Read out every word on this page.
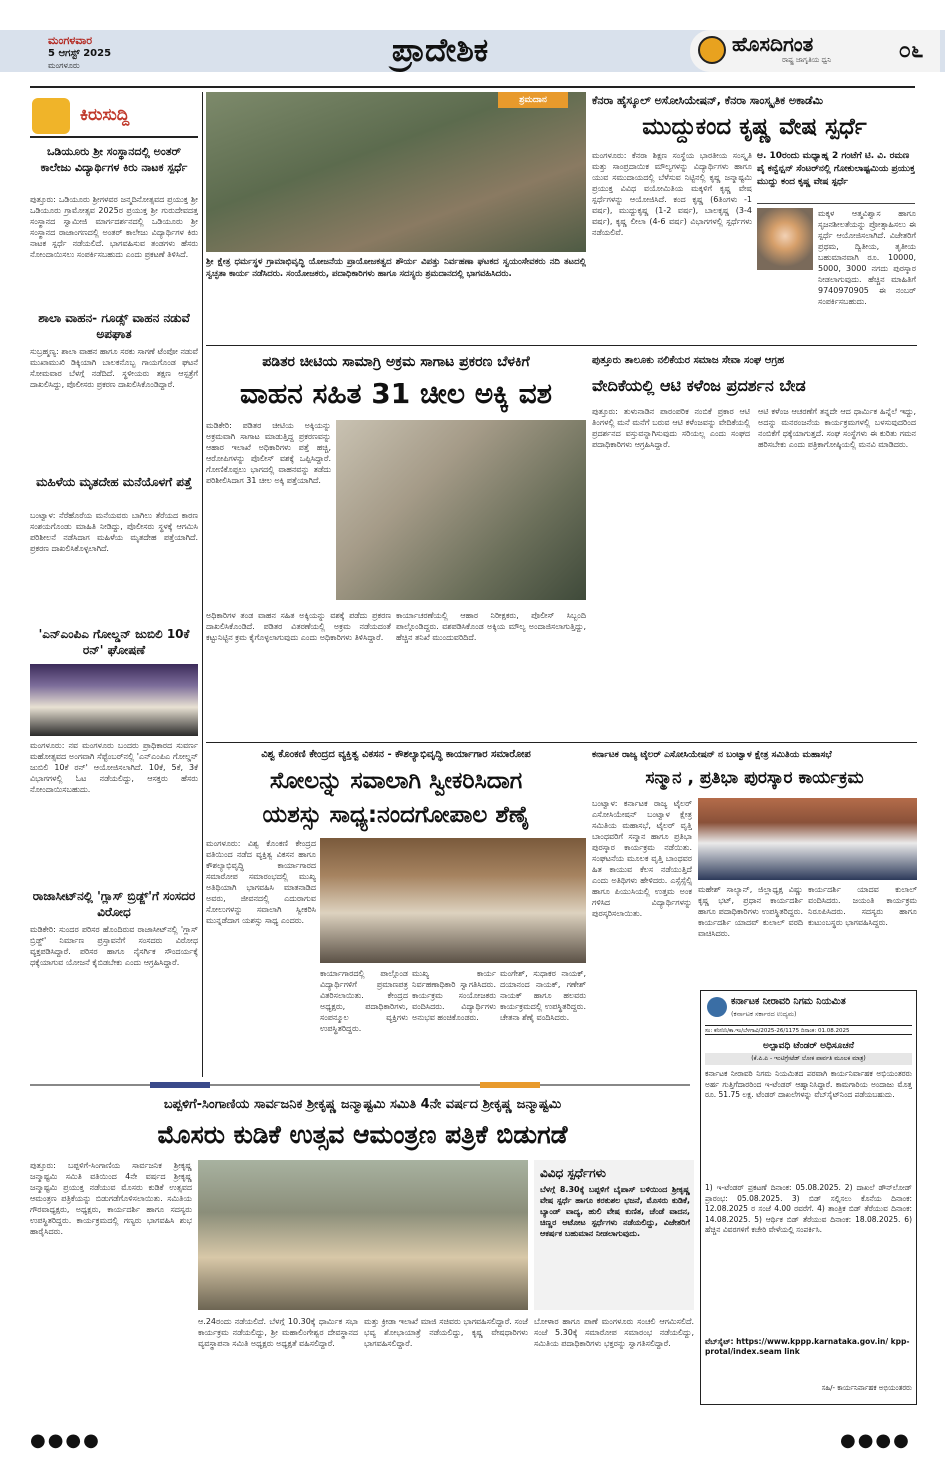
ಮಂಗಳವಾರ
5 ಆಗಸ್ಟ್ 2025
ಮಂಗಳೂರು	ಪ್ರಾದೇಶಿಕ	ಹೊಸದಿಗಂತ
ರಾಷ್ಟ್ರ ಜಾಗೃತಿಯ ಧ್ವನಿ	೦೬
ಕಿರುಸುದ್ದಿ
ಒಡಿಯೂರು ಶ್ರೀ ಸಂಸ್ಥಾನದಲ್ಲಿ ಅಂತರ್ ಕಾಲೇಜು ವಿದ್ಯಾರ್ಥಿಗಳ ಕಿರು ನಾಟಕ ಸ್ಪರ್ಧೆ
ಪುತ್ತೂರು: ಒಡಿಯೂರು ಶ್ರೀಗಳವರ ಜನ್ಮದಿನೋತ್ಸವದ ಪ್ರಯುಕ್ತ ಶ್ರೀ ಒಡಿಯೂರು ಗ್ರಾಮೋತ್ಸವ 2025ರ ಪ್ರಯುಕ್ತ ಶ್ರೀ ಗುರುದೇವದತ್ತ ಸಂಸ್ಥಾನದ ಸ್ವಾಮೀಜಿ ಮಾರ್ಗದರ್ಶನದಲ್ಲಿ ಒಡಿಯೂರು ಶ್ರೀ ಸಂಸ್ಥಾನದ ರಾಜಾಂಗಣದಲ್ಲಿ ಅಂತರ್ ಕಾಲೇಜು ವಿದ್ಯಾರ್ಥಿಗಳ ಕಿರು ನಾಟಕ ಸ್ಪರ್ಧೆ ನಡೆಯಲಿದೆ. ಭಾಗವಹಿಸುವ ತಂಡಗಳು ಹೆಸರು ನೋಂದಾಯಿಸಲು ಸಂಪರ್ಕಿಸಬಹುದು ಎಂದು ಪ್ರಕಟಣೆ ತಿಳಿಸಿದೆ.
ಶಾಲಾ ವಾಹನ- ಗೂಡ್ಸ್ ವಾಹನ ನಡುವೆ ಅಪಘಾತ
ಸುಬ್ರಹ್ಮಣ್ಯ: ಶಾಲಾ ವಾಹನ ಹಾಗೂ ಸರಕು ಸಾಗಣೆ ಟೆಂಪೋ ನಡುವೆ ಮುಖಾಮುಖಿ ಡಿಕ್ಕಿಯಾಗಿ ಬಾಲಕನೊಬ್ಬ ಗಾಯಗೊಂಡ ಘಟನೆ ಸೋಮವಾರ ಬೆಳಗ್ಗೆ ನಡೆದಿದೆ. ಸ್ಥಳೀಯರು ತಕ್ಷಣ ಆಸ್ಪತ್ರೆಗೆ ದಾಖಲಿಸಿದ್ದು, ಪೊಲೀಸರು ಪ್ರಕರಣ ದಾಖಲಿಸಿಕೊಂಡಿದ್ದಾರೆ.
ಮಹಿಳೆಯ ಮೃತದೇಹ ಮನೆಯೊಳಗೆ ಪತ್ತೆ
ಬಂಟ್ವಾಳ: ನೆರೆಹೊರೆಯ ಮನೆಯವರು ಬಾಗಿಲು ತೆರೆಯದ ಕಾರಣ ಸಂಶಯಗೊಂಡು ಮಾಹಿತಿ ನೀಡಿದ್ದು, ಪೊಲೀಸರು ಸ್ಥಳಕ್ಕೆ ಆಗಮಿಸಿ ಪರಿಶೀಲನೆ ನಡೆಸಿದಾಗ ಮಹಿಳೆಯ ಮೃತದೇಹ ಪತ್ತೆಯಾಗಿದೆ. ಪ್ರಕರಣ ದಾಖಲಿಸಿಕೊಳ್ಳಲಾಗಿದೆ.
'ಎನ್‌ಎಂಪಿಎ ಗೋಲ್ಡನ್ ಜುಬಿಲಿ 10ಕೆ ರನ್' ಘೋಷಣೆ
ಮಂಗಳೂರು: ನವ ಮಂಗಳೂರು ಬಂದರು ಪ್ರಾಧಿಕಾರದ ಸುವರ್ಣ ಮಹೋತ್ಸವದ ಅಂಗವಾಗಿ ಸೆಪ್ಟೆಂಬರ್‌ನಲ್ಲಿ 'ಎನ್‌ಎಂಪಿಎ ಗೋಲ್ಡನ್ ಜುಬಿಲಿ 10ಕೆ ರನ್' ಆಯೋಜಿಸಲಾಗಿದೆ. 10ಕೆ, 5ಕೆ, 3ಕೆ ವಿಭಾಗಗಳಲ್ಲಿ ಓಟ ನಡೆಯಲಿದ್ದು, ಆಸಕ್ತರು ಹೆಸರು ನೋಂದಾಯಿಸಬಹುದು.
ರಾಜಾಸೀಟ್‌ನಲ್ಲಿ 'ಗ್ಲಾಸ್ ಬ್ರಿಡ್ಜ್'ಗೆ ಸಂಸದರ ವಿರೋಧ
ಮಡಿಕೇರಿ: ಸುಂದರ ಪರಿಸರ ಹೊಂದಿರುವ ರಾಜಾಸೀಟ್‌ನಲ್ಲಿ 'ಗ್ಲಾಸ್ ಬ್ರಿಡ್ಜ್' ನಿರ್ಮಾಣ ಪ್ರಸ್ತಾವನೆಗೆ ಸಂಸದರು ವಿರೋಧ ವ್ಯಕ್ತಪಡಿಸಿದ್ದಾರೆ. ಪರಿಸರ ಹಾಗೂ ನೈಸರ್ಗಿಕ ಸೌಂದರ್ಯಕ್ಕೆ ಧಕ್ಕೆಯಾಗುವ ಯೋಜನೆ ಕೈಬಿಡಬೇಕು ಎಂದು ಆಗ್ರಹಿಸಿದ್ದಾರೆ.
ಶ್ರಮದಾನ
ಶ್ರೀ ಕ್ಷೇತ್ರ ಧರ್ಮಸ್ಥಳ ಗ್ರಾಮಾಭಿವೃದ್ಧಿ ಯೋಜನೆಯ ಪ್ರಾಯೋಜಕತ್ವದ ಶೌರ್ಯ ವಿಪತ್ತು ನಿರ್ವಹಣಾ ಘಟಕದ ಸ್ವಯಂಸೇವಕರು ನದಿ ತಟದಲ್ಲಿ ಸ್ವಚ್ಛತಾ ಕಾರ್ಯ ನಡೆಸಿದರು. ಸಂಯೋಜಕರು, ಪದಾಧಿಕಾರಿಗಳು ಹಾಗೂ ಸದಸ್ಯರು ಶ್ರಮದಾನದಲ್ಲಿ ಭಾಗವಹಿಸಿದರು.
ಕೆನರಾ ಹೈಸ್ಕೂಲ್ ಅಸೋಸಿಯೇಷನ್, ಕೆನರಾ ಸಾಂಸ್ಕೃತಿಕ ಅಕಾಡೆಮಿ
ಮುದ್ದುಕಂದ ಕೃಷ್ಣ ವೇಷ ಸ್ಪರ್ಧೆ
ಮಂಗಳೂರು: ಕೆನರಾ ಶಿಕ್ಷಣ ಸಂಸ್ಥೆಯ ಭಾರತೀಯ ಸಂಸ್ಕೃತಿ ಮತ್ತು ಸಾಂಪ್ರದಾಯಿಕ ಮೌಲ್ಯಗಳನ್ನು ವಿದ್ಯಾರ್ಥಿಗಳು ಹಾಗೂ ಯುವ ಸಮುದಾಯದಲ್ಲಿ ಬೆಳೆಸುವ ನಿಟ್ಟಿನಲ್ಲಿ ಕೃಷ್ಣ ಜನ್ಮಾಷ್ಟಮಿ ಪ್ರಯುಕ್ತ ವಿವಿಧ ವಯೋಮಿತಿಯ ಮಕ್ಕಳಿಗೆ ಕೃಷ್ಣ ವೇಷ ಸ್ಪರ್ಧೆಗಳನ್ನು ಆಯೋಜಿಸಿದೆ. ಕಂದ ಕೃಷ್ಣ (6ತಿಂಗಳು -1 ವರ್ಷ), ಮುದ್ದುಕೃಷ್ಣ (1-2 ವರ್ಷ), ಬಾಲಕೃಷ್ಣ (3-4 ವರ್ಷ), ಕೃಷ್ಣ ಲೀಲಾ (4-6 ವರ್ಷ) ವಿಭಾಗಗಳಲ್ಲಿ ಸ್ಪರ್ಧೆಗಳು ನಡೆಯಲಿವೆ.
ಆ. 10ರಂದು ಮಧ್ಯಾಹ್ನ 2 ಗಂಟೆಗೆ ಟಿ. ವಿ. ರಮಣ ಪೈ ಕನ್ವೆನ್ಷನ್ ಸೆಂಟರ್‌ನಲ್ಲಿ ಗೋಕುಲಾಷ್ಟಮಿಯ ಪ್ರಯುಕ್ತ ಮುದ್ದು ಕಂದ ಕೃಷ್ಣ ವೇಷ ಸ್ಪರ್ಧೆ
ಮಕ್ಕಳ ಆತ್ಮವಿಶ್ವಾಸ ಹಾಗೂ ಸೃಜನಶೀಲತೆಯನ್ನು ಪ್ರೋತ್ಸಾಹಿಸಲು ಈ ಸ್ಪರ್ಧೆ ಆಯೋಜಿಸಲಾಗಿದೆ. ವಿಜೇತರಿಗೆ ಪ್ರಥಮ, ದ್ವಿತೀಯ, ತೃತೀಯ ಬಹುಮಾನವಾಗಿ ರೂ. 10000, 5000, 3000 ನಗದು ಪುರಸ್ಕಾರ ನೀಡಲಾಗುವುದು. ಹೆಚ್ಚಿನ ಮಾಹಿತಿಗೆ 9740970905 ಈ ನಂಬರ್ ಸಂಪರ್ಕಿಸಬಹುದು.
ಪಡಿತರ ಚೀಟಿಯ ಸಾಮಾಗ್ರಿ ಅಕ್ರಮ ಸಾಗಾಟ ಪ್ರಕರಣ ಬೆಳಕಿಗೆ
ವಾಹನ ಸಹಿತ 31 ಚೀಲ ಅಕ್ಕಿ ವಶ
ಮಡಿಕೇರಿ: ಪಡಿತರ ಚೀಟಿಯ ಅಕ್ಕಿಯನ್ನು ಅಕ್ರಮವಾಗಿ ಸಾಗಾಟ ಮಾಡುತ್ತಿದ್ದ ಪ್ರಕರಣವನ್ನು ಆಹಾರ ಇಲಾಖೆ ಅಧಿಕಾರಿಗಳು ಪತ್ತೆ ಹಚ್ಚಿ, ಆರೋಪಿಗಳನ್ನು ಪೊಲೀಸ್ ವಶಕ್ಕೆ ಒಪ್ಪಿಸಿದ್ದಾರೆ. ಗೋಣಿಕೊಪ್ಪಲು ಭಾಗದಲ್ಲಿ ವಾಹನವನ್ನು ತಡೆದು ಪರಿಶೀಲಿಸಿದಾಗ 31 ಚೀಲ ಅಕ್ಕಿ ಪತ್ತೆಯಾಗಿದೆ.
ಅಧಿಕಾರಿಗಳ ತಂಡ ವಾಹನ ಸಹಿತ ಅಕ್ಕಿಯನ್ನು ವಶಕ್ಕೆ ಪಡೆದು ಪ್ರಕರಣ ದಾಖಲಿಸಿಕೊಂಡಿದೆ. ಪಡಿತರ ವಿತರಣೆಯಲ್ಲಿ ಅಕ್ರಮ ನಡೆಯದಂತೆ ಕಟ್ಟುನಿಟ್ಟಿನ ಕ್ರಮ ಕೈಗೊಳ್ಳಲಾಗುವುದು ಎಂದು ಅಧಿಕಾರಿಗಳು ತಿಳಿಸಿದ್ದಾರೆ.
ಕಾರ್ಯಾಚರಣೆಯಲ್ಲಿ ಆಹಾರ ನಿರೀಕ್ಷಕರು, ಪೊಲೀಸ್ ಸಿಬ್ಬಂದಿ ಪಾಲ್ಗೊಂಡಿದ್ದರು. ವಶಪಡಿಸಿಕೊಂಡ ಅಕ್ಕಿಯ ಮೌಲ್ಯ ಅಂದಾಜಿಸಲಾಗುತ್ತಿದ್ದು, ಹೆಚ್ಚಿನ ತನಿಖೆ ಮುಂದುವರಿದಿದೆ.
ಪುತ್ತೂರು ತಾಲೂಕು ನಲಿಕೆಯರ ಸಮಾಜ ಸೇವಾ ಸಂಘ ಆಗ್ರಹ
ವೇದಿಕೆಯಲ್ಲಿ ಆಟಿ ಕಳೆಂಜ ಪ್ರದರ್ಶನ ಬೇಡ
ಪುತ್ತೂರು: ತುಳುನಾಡಿನ ಪಾರಂಪರಿಕ ನಂಬಿಕೆ ಪ್ರಕಾರ ಆಟಿ ತಿಂಗಳಲ್ಲಿ ಮನೆ ಮನೆಗೆ ಬರುವ ಆಟಿ ಕಳೆಂಜವನ್ನು ವೇದಿಕೆಯಲ್ಲಿ ಪ್ರದರ್ಶನದ ವಸ್ತುವನ್ನಾಗಿಸುವುದು ಸರಿಯಲ್ಲ ಎಂದು ಸಂಘದ ಪದಾಧಿಕಾರಿಗಳು ಆಗ್ರಹಿಸಿದ್ದಾರೆ.
ಆಟಿ ಕಳೆಂಜ ಆಚರಣೆಗೆ ತನ್ನದೇ ಆದ ಧಾರ್ಮಿಕ ಹಿನ್ನೆಲೆ ಇದ್ದು, ಅದನ್ನು ಮನರಂಜನೆಯ ಕಾರ್ಯಕ್ರಮಗಳಲ್ಲಿ ಬಳಸುವುದರಿಂದ ನಂಬಿಕೆಗೆ ಧಕ್ಕೆಯಾಗುತ್ತದೆ. ಸಂಘ ಸಂಸ್ಥೆಗಳು ಈ ಕುರಿತು ಗಮನ ಹರಿಸಬೇಕು ಎಂದು ಪತ್ರಿಕಾಗೋಷ್ಠಿಯಲ್ಲಿ ಮನವಿ ಮಾಡಿದರು.
ವಿಶ್ವ ಕೊಂಕಣಿ ಕೇಂದ್ರದ ವ್ಯಕ್ತಿತ್ವ ವಿಕಸನ - ಕೌಶಲ್ಯಾಭಿವೃದ್ಧಿ ಕಾರ್ಯಾಗಾರ ಸಮಾರೋಪ
ಸೋಲನ್ನು ಸವಾಲಾಗಿ ಸ್ವೀಕರಿಸಿದಾಗ
ಯಶಸ್ಸು ಸಾಧ್ಯ:ನಂದಗೋಪಾಲ ಶೆಣೈ
ಮಂಗಳೂರು: ವಿಶ್ವ ಕೊಂಕಣಿ ಕೇಂದ್ರದ ವತಿಯಿಂದ ನಡೆದ ವ್ಯಕ್ತಿತ್ವ ವಿಕಸನ ಹಾಗೂ ಕೌಶಲ್ಯಾಭಿವೃದ್ಧಿ ಕಾರ್ಯಾಗಾರದ ಸಮಾರೋಪ ಸಮಾರಂಭದಲ್ಲಿ ಮುಖ್ಯ ಅತಿಥಿಯಾಗಿ ಭಾಗವಹಿಸಿ ಮಾತನಾಡಿದ ಅವರು, ಜೀವನದಲ್ಲಿ ಎದುರಾಗುವ ಸೋಲುಗಳನ್ನು ಸವಾಲಾಗಿ ಸ್ವೀಕರಿಸಿ ಮುನ್ನಡೆದಾಗ ಯಶಸ್ಸು ಸಾಧ್ಯ ಎಂದರು.
ಕಾರ್ಯಾಗಾರದಲ್ಲಿ ಪಾಲ್ಗೊಂಡ ವಿದ್ಯಾರ್ಥಿಗಳಿಗೆ ಪ್ರಮಾಣಪತ್ರ ವಿತರಿಸಲಾಯಿತು. ಕೇಂದ್ರದ ಅಧ್ಯಕ್ಷರು, ಪದಾಧಿಕಾರಿಗಳು, ಸಂಪನ್ಮೂಲ ವ್ಯಕ್ತಿಗಳು ಉಪಸ್ಥಿತರಿದ್ದರು.
ಮುಖ್ಯ ಕಾರ್ಯ ನಿರ್ವಹಣಾಧಿಕಾರಿ ಸ್ವಾಗತಿಸಿದರು. ಕಾರ್ಯಕ್ರಮ ಸಂಯೋಜಕರು ವಂದಿಸಿದರು. ವಿದ್ಯಾರ್ಥಿಗಳು ಅನುಭವ ಹಂಚಿಕೊಂಡರು.
ಮಂಗೇಶ್, ಸುಧಾಕರ ನಾಯಕ್, ದಯಾನಂದ ನಾಯಕ್, ಗಣೇಶ್ ನಾಯಕ್ ಹಾಗೂ ಹಲವರು ಕಾರ್ಯಕ್ರಮದಲ್ಲಿ ಉಪಸ್ಥಿತರಿದ್ದರು. ಚೇತನಾ ಶೆಣೈ ವಂದಿಸಿದರು.
ಕರ್ನಾಟಕ ರಾಜ್ಯ ಟೈಲರ್ ಎಸೋಸಿಯೇಷನ್ ನ ಬಂಟ್ವಾಳ ಕ್ಷೇತ್ರ ಸಮಿತಿಯ ಮಹಾಸಭೆ
ಸನ್ಮಾನ , ಪ್ರತಿಭಾ ಪುರಸ್ಕಾರ ಕಾರ್ಯಕ್ರಮ
ಬಂಟ್ವಾಳ: ಕರ್ನಾಟಕ ರಾಜ್ಯ ಟೈಲರ್ ಎಸೋಸಿಯೇಷನ್ ಬಂಟ್ವಾಳ ಕ್ಷೇತ್ರ ಸಮಿತಿಯ ಮಹಾಸಭೆ, ಟೈಲರ್ ವೃತ್ತಿ ಬಾಂಧವರಿಗೆ ಸನ್ಮಾನ ಹಾಗೂ ಪ್ರತಿಭಾ ಪುರಸ್ಕಾರ ಕಾರ್ಯಕ್ರಮ ನಡೆಯಿತು. ಸಂಘಟನೆಯ ಮೂಲಕ ವೃತ್ತಿ ಬಾಂಧವರ ಹಿತ ಕಾಯುವ ಕೆಲಸ ನಡೆಯುತ್ತಿದೆ ಎಂದು ಅತಿಥಿಗಳು ಹೇಳಿದರು. ಎಸ್ಸೆಸ್ಸೆಲ್ಸಿ ಹಾಗೂ ಪಿಯುಸಿಯಲ್ಲಿ ಉತ್ತಮ ಅಂಕ ಗಳಿಸಿದ ವಿದ್ಯಾರ್ಥಿಗಳನ್ನು ಪುರಸ್ಕರಿಸಲಾಯಿತು.
ಮಹೇಶ್ ಸಾಲ್ಯಾನ್, ಜಿಲ್ಲಾಧ್ಯಕ್ಷ ವಿಷ್ಣು ಕೃಷ್ಣ ಭಟ್, ಪ್ರಧಾನ ಕಾರ್ಯದರ್ಶಿ ಹಾಗೂ ಪದಾಧಿಕಾರಿಗಳು ಉಪಸ್ಥಿತರಿದ್ದರು. ಕಾರ್ಯದರ್ಶಿ ಯಾದವ್ ಕುಲಾಲ್ ವರದಿ ವಾಚಿಸಿದರು.
ಕಾರ್ಯದರ್ಶಿ ಯಾದವ ಕುಲಾಲ್ ವಂದಿಸಿದರು. ಜಯಂತಿ ಕಾರ್ಯಕ್ರಮ ನಿರೂಪಿಸಿದರು. ಸದಸ್ಯರು ಹಾಗೂ ಕುಟುಂಬಸ್ಥರು ಭಾಗವಹಿಸಿದ್ದರು.
ಕರ್ನಾಟಕ ನೀರಾವರಿ ನಿಗಮ ನಿಯಮಿತ
(ಕರ್ನಾಟಕ ಸರ್ಕಾರದ ಉದ್ಯಮ)
ಸಂ: ಕನೀನಿನಿ/ಕಾ.ಇಂ/ಬೆಳಗಾವಿ/2025-26/1175 ದಿನಾಂಕ: 01.08.2025
ಅಲ್ಪಾವಧಿ ಟೆಂಡರ್ ಅಧಿಸೂಚನೆ
(ಕೆ.ಪಿ.ಪಿ - ಇಂಟಿಗ್ರೇಟೆಡ್ ಲೋಕ ಪಾರ್ವತಿ ಮೂಲಕ ಮಾತ್ರ)
ಕರ್ನಾಟಕ ನೀರಾವರಿ ನಿಗಮ ನಿಯಮಿತದ ಪರವಾಗಿ ಕಾರ್ಯನಿರ್ವಾಹಕ ಅಭಿಯಂತರರು ಅರ್ಹ ಗುತ್ತಿಗೆದಾರರಿಂದ ಇ-ಟೆಂಡರ್ ಆಹ್ವಾನಿಸಿದ್ದಾರೆ. ಕಾಮಗಾರಿಯ ಅಂದಾಜು ಮೊತ್ತ ರೂ. 51.75 ಲಕ್ಷ. ಟೆಂಡರ್ ದಾಖಲೆಗಳನ್ನು ವೆಬ್‌ಸೈಟ್‌ನಿಂದ ಪಡೆಯಬಹುದು.
1) ಇ-ಟೆಂಡರ್ ಪ್ರಕಟಣೆ ದಿನಾಂಕ: 05.08.2025. 2) ದಾಖಲೆ ಡೌನ್‌ಲೋಡ್ ಪ್ರಾರಂಭ: 05.08.2025. 3) ಬಿಡ್ ಸಲ್ಲಿಸಲು ಕೊನೆಯ ದಿನಾಂಕ: 12.08.2025 ರ ಸಂಜೆ 4.00 ರವರೆಗೆ. 4) ತಾಂತ್ರಿಕ ಬಿಡ್ ತೆರೆಯುವ ದಿನಾಂಕ: 14.08.2025. 5) ಆರ್ಥಿಕ ಬಿಡ್ ತೆರೆಯುವ ದಿನಾಂಕ: 18.08.2025. 6) ಹೆಚ್ಚಿನ ವಿವರಗಳಿಗೆ ಕಚೇರಿ ವೇಳೆಯಲ್ಲಿ ಸಂಪರ್ಕಿಸಿ.
ವೆಬ್‌ಸೈಟ್: https://www.kppp.karnataka.gov.in/ kpp-protal/index.seam link
ಸಹಿ/- ಕಾರ್ಯನಿರ್ವಾಹಕ ಅಭಿಯಂತರರು
ಬಪ್ಪಳಿಗೆ-ಸಿಂಗಾಣಿಯ ಸಾರ್ವಜನಿಕ ಶ್ರೀಕೃಷ್ಣ ಜನ್ಮಾಷ್ಟಮಿ ಸಮಿತಿ 4ನೇ ವರ್ಷದ ಶ್ರೀಕೃಷ್ಣ ಜನ್ಮಾಷ್ಟಮಿ
ಮೊಸರು ಕುಡಿಕೆ ಉತ್ಸವ ಆಮಂತ್ರಣ ಪತ್ರಿಕೆ ಬಿಡುಗಡೆ
ಪುತ್ತೂರು: ಬಪ್ಪಳಿಗೆ-ಸಿಂಗಾಣಿಯ ಸಾರ್ವಜನಿಕ ಶ್ರೀಕೃಷ್ಣ ಜನ್ಮಾಷ್ಟಮಿ ಸಮಿತಿ ವತಿಯಿಂದ 4ನೇ ವರ್ಷದ ಶ್ರೀಕೃಷ್ಣ ಜನ್ಮಾಷ್ಟಮಿ ಪ್ರಯುಕ್ತ ನಡೆಯುವ ಮೊಸರು ಕುಡಿಕೆ ಉತ್ಸವದ ಆಮಂತ್ರಣ ಪತ್ರಿಕೆಯನ್ನು ಬಿಡುಗಡೆಗೊಳಿಸಲಾಯಿತು. ಸಮಿತಿಯ ಗೌರವಾಧ್ಯಕ್ಷರು, ಅಧ್ಯಕ್ಷರು, ಕಾರ್ಯದರ್ಶಿ ಹಾಗೂ ಸದಸ್ಯರು ಉಪಸ್ಥಿತರಿದ್ದರು. ಕಾರ್ಯಕ್ರಮದಲ್ಲಿ ಗಣ್ಯರು ಭಾಗವಹಿಸಿ ಶುಭ ಹಾರೈಸಿದರು.
ಆ.24ರಂದು ನಡೆಯಲಿದೆ. ಬೆಳಗ್ಗೆ 10.30ಕ್ಕೆ ಧಾರ್ಮಿಕ ಸಭಾ ಕಾರ್ಯಕ್ರಮ ನಡೆಯಲಿದ್ದು, ಶ್ರೀ ಮಹಾಲಿಂಗೇಶ್ವರ ದೇವಸ್ಥಾನದ ವ್ಯವಸ್ಥಾಪನಾ ಸಮಿತಿ ಅಧ್ಯಕ್ಷರು ಅಧ್ಯಕ್ಷತೆ ವಹಿಸಲಿದ್ದಾರೆ.
ಮತ್ತು ಕ್ರೀಡಾ ಇಲಾಖೆ ಮಾಜಿ ಸಚಿವರು ಭಾಗವಹಿಸಲಿದ್ದಾರೆ. ಸಂಜೆ ಭವ್ಯ ಶೋಭಾಯಾತ್ರೆ ನಡೆಯಲಿದ್ದು, ಕೃಷ್ಣ ವೇಷಧಾರಿಗಳು ಭಾಗವಹಿಸಲಿದ್ದಾರೆ.
ವಿವಿಧ ಸ್ಪರ್ಧೆಗಳು
ಬೆಳಗ್ಗೆ 8.30ಕ್ಕೆ ಬಪ್ಪಳಿಗೆ ಬೈಪಾಸ್ ಬಳಿಯಿಂದ ಶ್ರೀಕೃಷ್ಣ ವೇಷ ಸ್ಪರ್ಧೆ ಹಾಗೂ ಕರಕುಶಲ ಭಜನೆ, ಮೊಸರು ಕುಡಿಕೆ, ಬ್ಯಾಂಡ್ ವಾದ್ಯ, ಹುಲಿ ವೇಷ ಕುಣಿತ, ಚೆಂಡೆ ವಾದನ, ಚಿಣ್ಣರ ಆಟೋಟ ಸ್ಪರ್ಧೆಗಳು ನಡೆಯಲಿದ್ದು, ವಿಜೇತರಿಗೆ ಆಕರ್ಷಕ ಬಹುಮಾನ ನೀಡಲಾಗುವುದು.
ಬೋಳಾರ ಹಾಗೂ ಪಾಣೆ ಮಂಗಳೂರು ಸಂಚಲಿ ಆಗಮಿಸಲಿದೆ. ಸಂಜೆ 5.30ಕ್ಕೆ ಸಮಾರೋಪ ಸಮಾರಂಭ ನಡೆಯಲಿದ್ದು, ಸಮಿತಿಯ ಪದಾಧಿಕಾರಿಗಳು ಭಕ್ತರನ್ನು ಸ್ವಾಗತಿಸಲಿದ್ದಾರೆ.
●●●●	●●●●
